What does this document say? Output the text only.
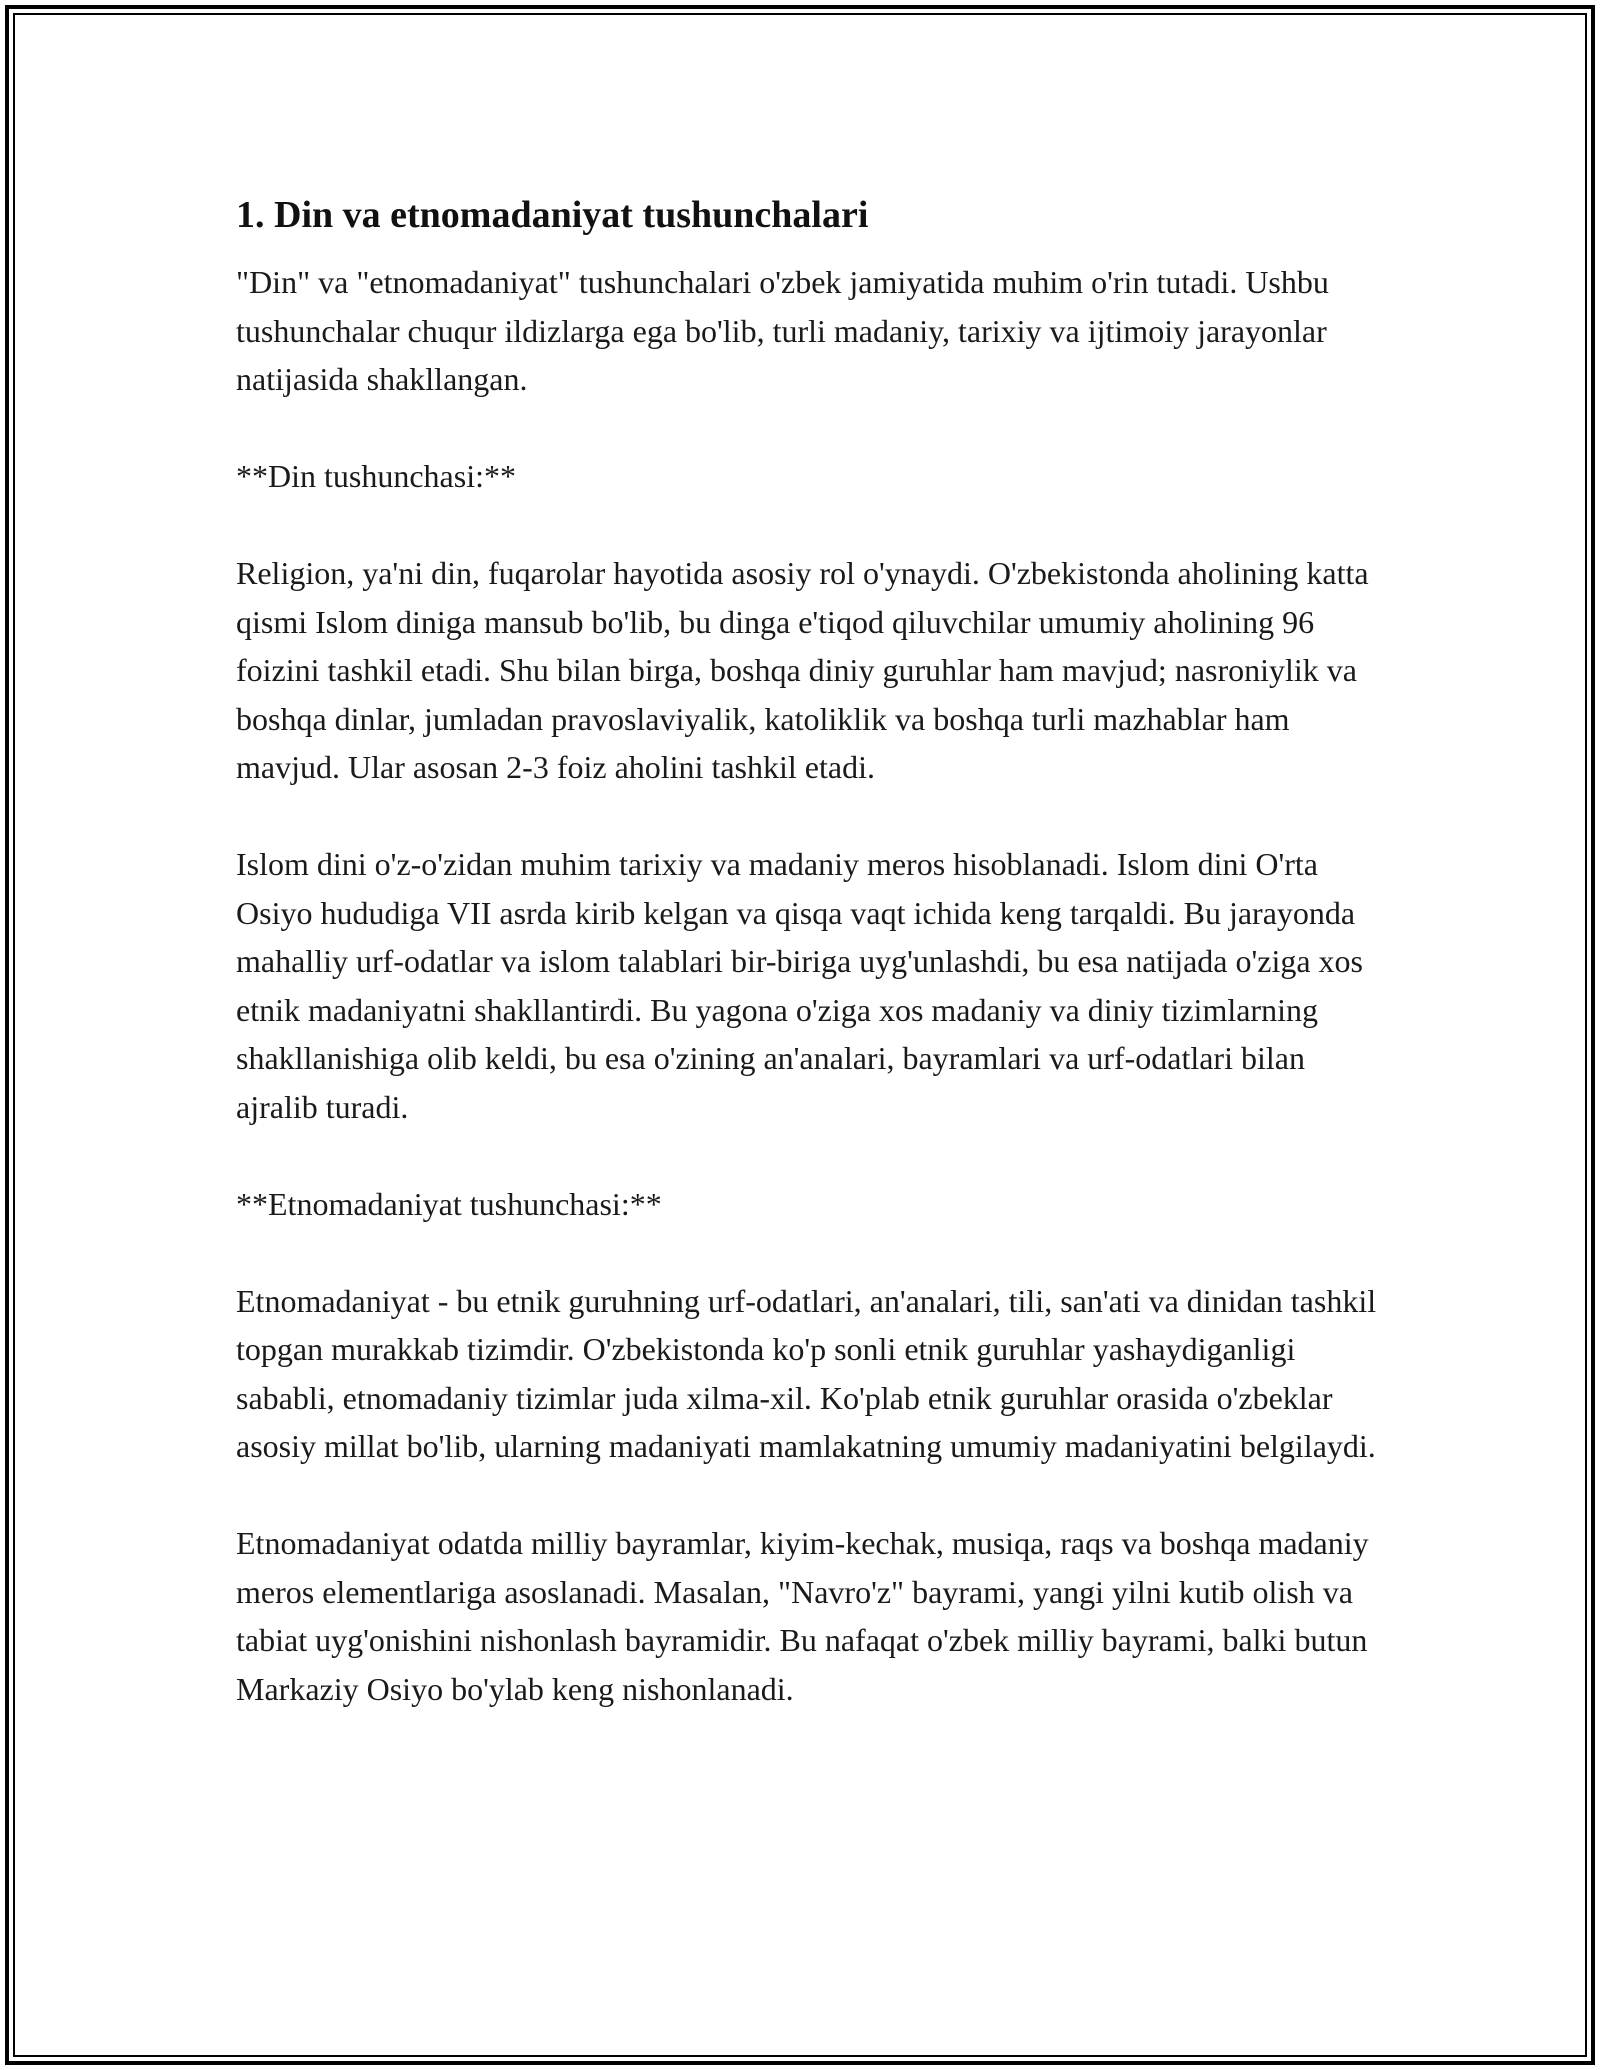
1. Din va etnomadaniyat tushunchalari

"Din" va "etnomadaniyat" tushunchalari o'zbek jamiyatida muhim o'rin tutadi. Ushbu tushunchalar chuqur ildizlarga ega bo'lib, turli madaniy, tarixiy va ijtimoiy jarayonlar natijasida shakllangan.

**Din tushunchasi:**

Religion, ya'ni din, fuqarolar hayotida asosiy rol o'ynaydi. O'zbekistonda aholining katta qismi Islom diniga mansub bo'lib, bu dinga e'tiqod qiluvchilar umumiy aholining 96 foizini tashkil etadi. Shu bilan birga, boshqa diniy guruhlar ham mavjud; nasroniylik va boshqa dinlar, jumladan pravoslaviyalik, katoliklik va boshqa turli mazhablar ham mavjud. Ular asosan 2-3 foiz aholini tashkil etadi.

Islom dini o'z-o'zidan muhim tarixiy va madaniy meros hisoblanadi. Islom dini O'rta Osiyo hududiga VII asrda kirib kelgan va qisqa vaqt ichida keng tarqaldi. Bu jarayonda mahalliy urf-odatlar va islom talablari bir-biriga uyg'unlashdi, bu esa natijada o'ziga xos etnik madaniyatni shakllantirdi. Bu yagona o'ziga xos madaniy va diniy tizimlarning shakllanishiga olib keldi, bu esa o'zining an'analari, bayramlari va urf-odatlari bilan ajralib turadi.

**Etnomadaniyat tushunchasi:**

Etnomadaniyat - bu etnik guruhning urf-odatlari, an'analari, tili, san'ati va dinidan tashkil topgan murakkab tizimdir. O'zbekistonda ko'p sonli etnik guruhlar yashaydiganligi sababli, etnomadaniy tizimlar juda xilma-xil. Ko'plab etnik guruhlar orasida o'zbeklar asosiy millat bo'lib, ularning madaniyati mamlakatning umumiy madaniyatini belgilaydi.

Etnomadaniyat odatda milliy bayramlar, kiyim-kechak, musiqa, raqs va boshqa madaniy meros elementlariga asoslanadi. Masalan, "Navro'z" bayrami, yangi yilni kutib olish va tabiat uyg'onishini nishonlash bayramidir. Bu nafaqat o'zbek milliy bayrami, balki butun Markaziy Osiyo bo'ylab keng nishonlanadi.
